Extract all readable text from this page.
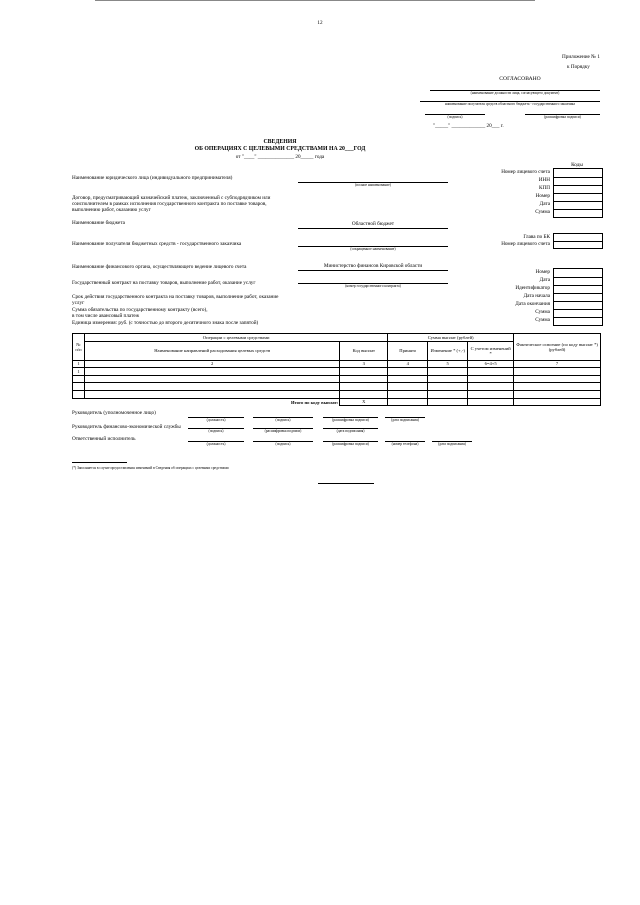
12
Приложение № 1
к Порядку
СОГЛАСОВАНО
(наименование должности лица, согласующего документ)
наименование получателя средств областного бюджета - государственного заказчика
(подпись)	(расшифровка подписи)
"_____" _____________ 20___ г.
СВЕДЕНИЯ
ОБ ОПЕРАЦИЯХ С ЦЕЛЕВЫМИ СРЕДСТВАМИ НА 20___ГОД
от "____" ______________ 20_____ года
Коды
Номер лицевого счета
ИНН
КПП
Номер
Дата
Сумма
Наименование юридического лица (индивидуального предпринимателя)
(полное наименование)
Договор, предусматривающий казначейский платеж, заключенный с субподрядчиком или
соисполнителем в рамках исполнения государственного контракта по поставке товаров,
выполнению работ, оказанию услуг
Наименование бюджета	Областной бюджет
Глава по БК
Номер лицевого счета
Наименование получателя бюджетных средств - государственного заказчика
(сокращенное наименование)
Наименование финансового органа, осуществляющего ведение лицевого счета	Министерство финансов Кировской области
Номер
Дата
Идентификатор
Дата начала
Дата окончания
Сумма
Сумма
Государственный контракт на поставку товаров, выполнение работ, оказание услуг	(номер государственного контракта)
Срок действия государственного контракта на поставку товаров, выполнение работ, оказание
услуг
Сумма обязательства по государственному контракту (всего),
в том числе авансовый платеж
Единица измерения: руб. (с точностью до второго десятичного знака после запятой)
№ п/п	Операции с целевыми средствами		Сумма выплат (рублей)			Фактическое освоение (по коду выплат *) (рублей)
	Наименование направлений расходования целевых средств	Код выплат	Принято	Изменение * (+,-)	С учетом изменений *	
1	2	3	4	5	6=4+5	7
1						

	Итого по коду выплат:	Х				
Руководитель (уполномоченное лицо)
(должность)	(подпись)	(расшифровка подписи)	(дата подписания)
Руководитель финансово-экономической службы
(подпись)	(расшифровка подписи)	(дата подписания)
Ответственный исполнитель
(должность)	(подпись)	(расшифровка подписи)	(номер телефона)	(дата подписания)
(*) Заполняется в случае предоставления изменений в Сведения об операциях с целевыми средствами
